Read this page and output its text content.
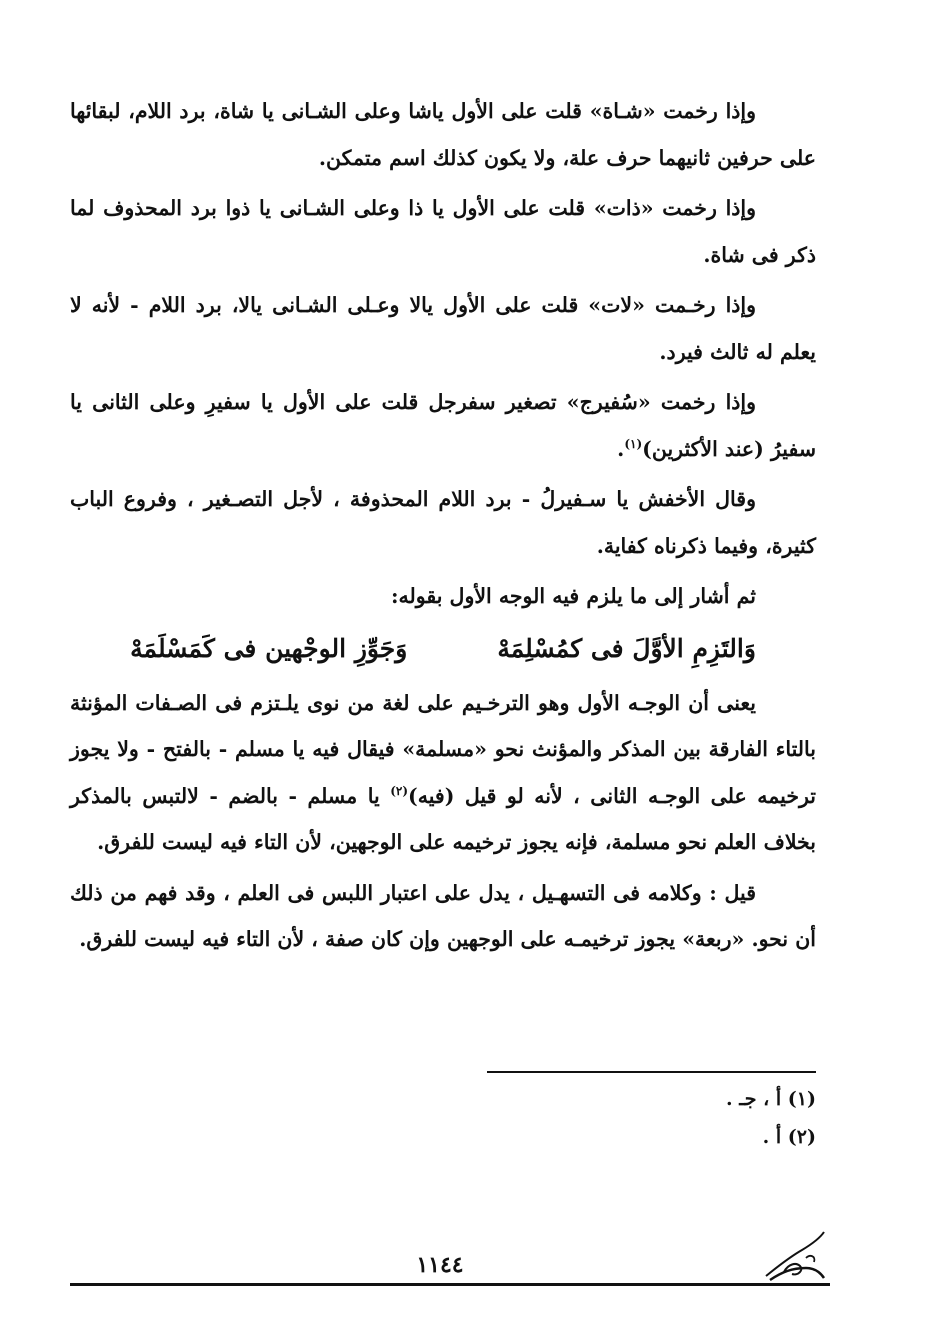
وإذا رخمت «شـاة» قلت على الأول ياشا وعلى الشـانى يا شاة، برد اللام، لبقائها على حرفين ثانيهما حرف علة، ولا يكون كذلك اسم متمكن.

وإذا رخمت «ذات» قلت على الأول يا ذا وعلى الشـانى يا ذوا برد المحذوف لما ذكر فى شاة.

وإذا رخـمت «لات» قلت على الأول يالا وعـلى الشـانى يالا، برد اللام - لأنه لا يعلم له ثالث فيرد.

وإذا رخمت «سُفيرج» تصغير سفرجل قلت على الأول يا سفيرِ وعلى الثانى يا سفيرُ (عند الأكثرين)$^{(١)}$.

وقال الأخفش يا سـفيرلُ - برد اللام المحذوفة ، لأجل التصـغير ، وفروع الباب كثيرة، وفيما ذكرناه كفاية.

ثم أشار إلى ما يلزم فيه الوجه الأول بقوله:

وَالتَزِمِ الأوَّلَ فى كمُسْلِمَهْ
وَجَوِّزِ الوجْهين فى كَمَسْلَمَهْ

يعنى أن الوجـه الأول وهو الترخـيم على لغة من نوى يلـتزم فى الصـفات المؤنثة بالتاء الفارقة بين المذكر والمؤنث نحو «مسلمة» فيقال فيه يا مسلم - بالفتح - ولا يجوز ترخيمه على الوجـه الثانى ، لأنه لو قيل (فيه)$^{(٢)}$ يا مسلم - بالضم - لالتبس بالمذكر بخلاف العلم نحو مسلمة، فإنه يجوز ترخيمه على الوجهين، لأن التاء فيه ليست للفرق.

قيل : وكلامه فى التسهـيل ، يدل على اعتبار اللبس فى العلم ، وقد فهم من ذلك أن نحو. «ربعة» يجوز ترخيمـه على الوجهين وإن كان صفة ، لأن التاء فيه ليست للفرق.

(١) أ ، جـ .
(٢) أ .
١١٤٤
